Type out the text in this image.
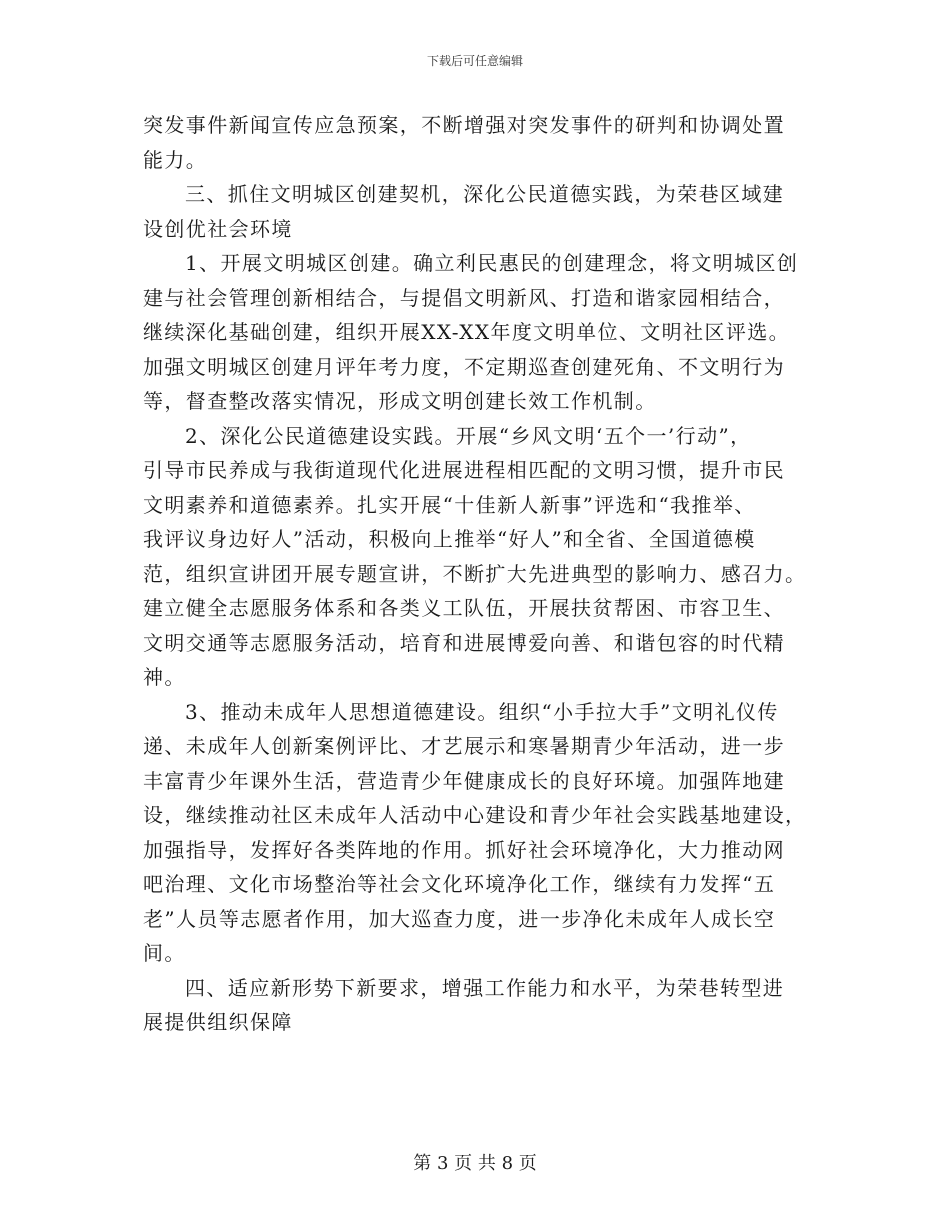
下载后可任意编辑
突发事件新闻宣传应急预案，不断增强对突发事件的研判和协调处置
能力。
三、抓住文明城区创建契机，深化公民道德实践，为荣巷区域建
设创优社会环境
1、开展文明城区创建。确立利民惠民的创建理念，将文明城区创
建与社会管理创新相结合，与提倡文明新风、打造和谐家园相结合，
继续深化基础创建，组织开展XX-XX年度文明单位、文明社区评选。
加强文明城区创建月评年考力度，不定期巡查创建死角、不文明行为
等，督查整改落实情况，形成文明创建长效工作机制。
2、深化公民道德建设实践。开展“乡风文明‘五个一’行动”，
引导市民养成与我街道现代化进展进程相匹配的文明习惯，提升市民
文明素养和道德素养。扎实开展“十佳新人新事”评选和“我推举、
我评议身边好人”活动，积极向上推举“好人”和全省、全国道德模
范，组织宣讲团开展专题宣讲，不断扩大先进典型的影响力、感召力。
建立健全志愿服务体系和各类义工队伍，开展扶贫帮困、市容卫生、
文明交通等志愿服务活动，培育和进展博爱向善、和谐包容的时代精
神。
3、推动未成年人思想道德建设。组织“小手拉大手”文明礼仪传
递、未成年人创新案例评比、才艺展示和寒暑期青少年活动，进一步
丰富青少年课外生活，营造青少年健康成长的良好环境。加强阵地建
设，继续推动社区未成年人活动中心建设和青少年社会实践基地建设，
加强指导，发挥好各类阵地的作用。抓好社会环境净化，大力推动网
吧治理、文化市场整治等社会文化环境净化工作，继续有力发挥“五
老”人员等志愿者作用，加大巡查力度，进一步净化未成年人成长空
间。
四、适应新形势下新要求，增强工作能力和水平，为荣巷转型进
展提供组织保障
第 3 页 共 8 页
